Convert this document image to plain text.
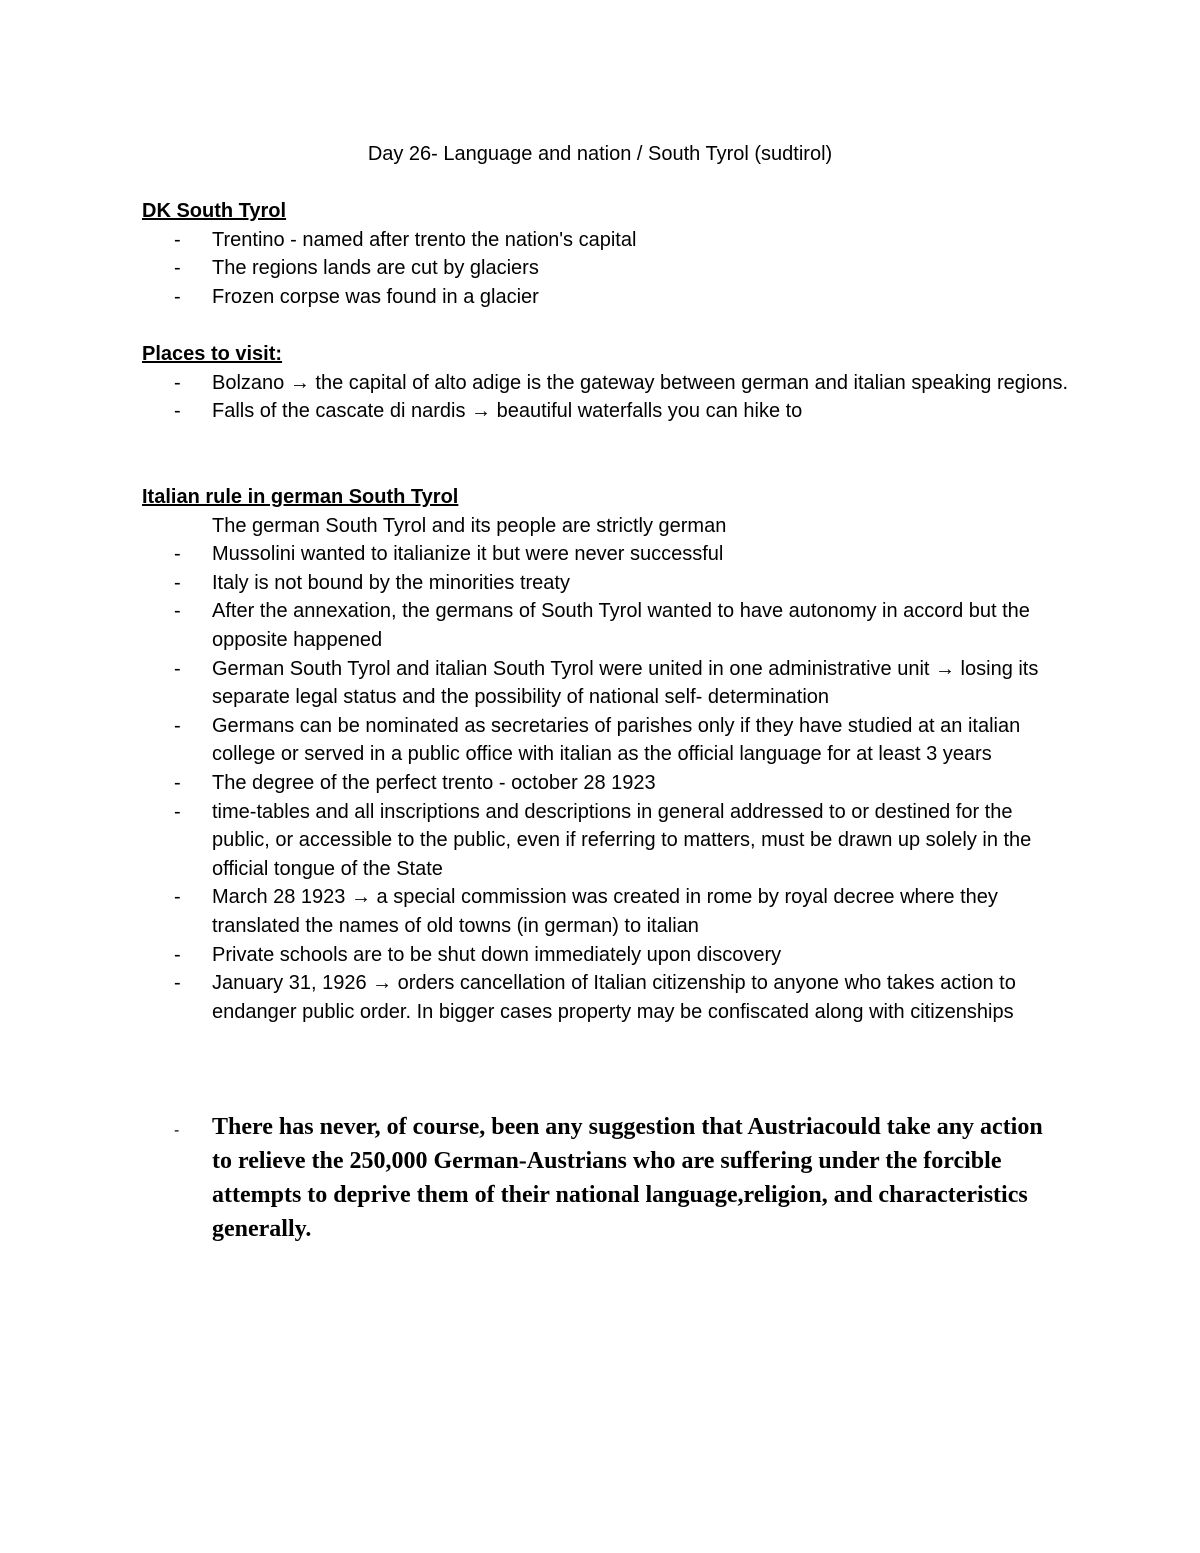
Day 26- Language and nation / South Tyrol (sudtirol)
DK South Tyrol
- Trentino - named after trento the nation's capital
- The regions lands are cut by glaciers
- Frozen corpse was found in a glacier
Places to visit:
- Bolzano → the capital of alto adige is the gateway between german and italian speaking regions.
- Falls of the cascate di nardis → beautiful waterfalls you can hike to
Italian rule in german South Tyrol
The german South Tyrol and its people are strictly german
- Mussolini wanted to italianize it but were never successful
- Italy is not bound by the minorities treaty
- After the annexation, the germans of South Tyrol wanted to have autonomy in accord but the opposite happened
- German South Tyrol and italian South Tyrol were united in one administrative unit → losing its separate legal status and the possibility of national self- determination
- Germans can be nominated as secretaries of parishes only if they have studied at an italian college or served in a public office with italian as the official language for at least 3 years
- The degree of the perfect trento - october 28 1923
- time-tables and all inscriptions and descriptions in general addressed to or destined for the public, or accessible to the public, even if referring to matters, must be drawn up solely in the official tongue of the State
- March 28 1923 → a special commission was created in rome by royal decree where they translated the names of old towns (in german) to italian
- Private schools are to be shut down immediately upon discovery
- January 31, 1926 → orders cancellation of Italian citizenship to anyone who takes action to endanger public order. In bigger cases property may be confiscated along with citizenships
- There has never, of course, been any suggestion that Austriacould take any action to relieve the 250,000 German-Austrians who are suffering under the forcible attempts to deprive them of their national language,religion, and characteristics generally.
